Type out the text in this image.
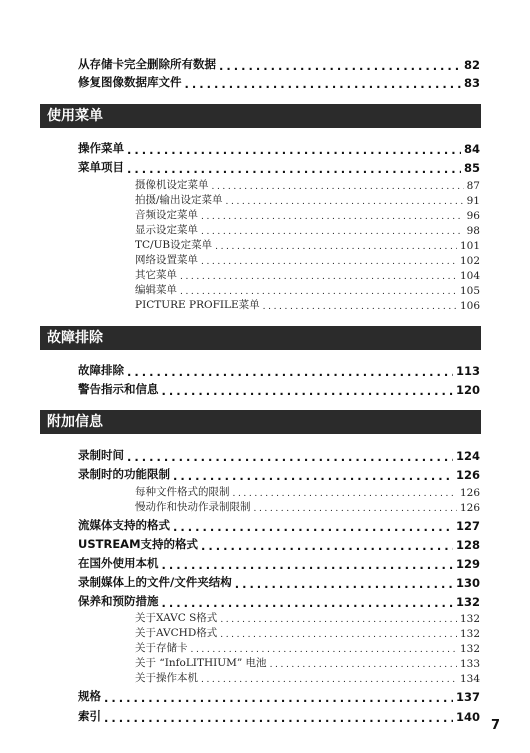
从存储卡完全删除所有数据 .....	82
修复图像数据库文件 .....	83
使用菜单
操作菜单 .....	84
菜单项目 .....	85
摄像机设定菜单 .....	87
拍摄/输出设定菜单 .....	91
音频设定菜单 .....	96
显示设定菜单 .....	98
TC/UB设定菜单 .....	101
网络设置菜单 .....	102
其它菜单 .....	104
编辑菜单 .....	105
PICTURE PROFILE菜单 .....	106
故障排除
故障排除 .....	113
警告指示和信息 .....	120
附加信息
录制时间 .....	124
录制时的功能限制 .....	126
每种文件格式的限制 .....	126
慢动作和快动作录制限制 .....	126
流媒体支持的格式 .....	127
USTREAM支持的格式 .....	128
在国外使用本机 .....	129
录制媒体上的文件/文件夹结构 .....	130
保养和预防措施 .....	132
关于XAVC S格式 .....	132
关于AVCHD格式 .....	132
关于存储卡 .....	132
关于 “InfoLITHIUM” 电池 .....	133
关于操作本机 .....	134
规格 .....	137
索引 .....	140
7
